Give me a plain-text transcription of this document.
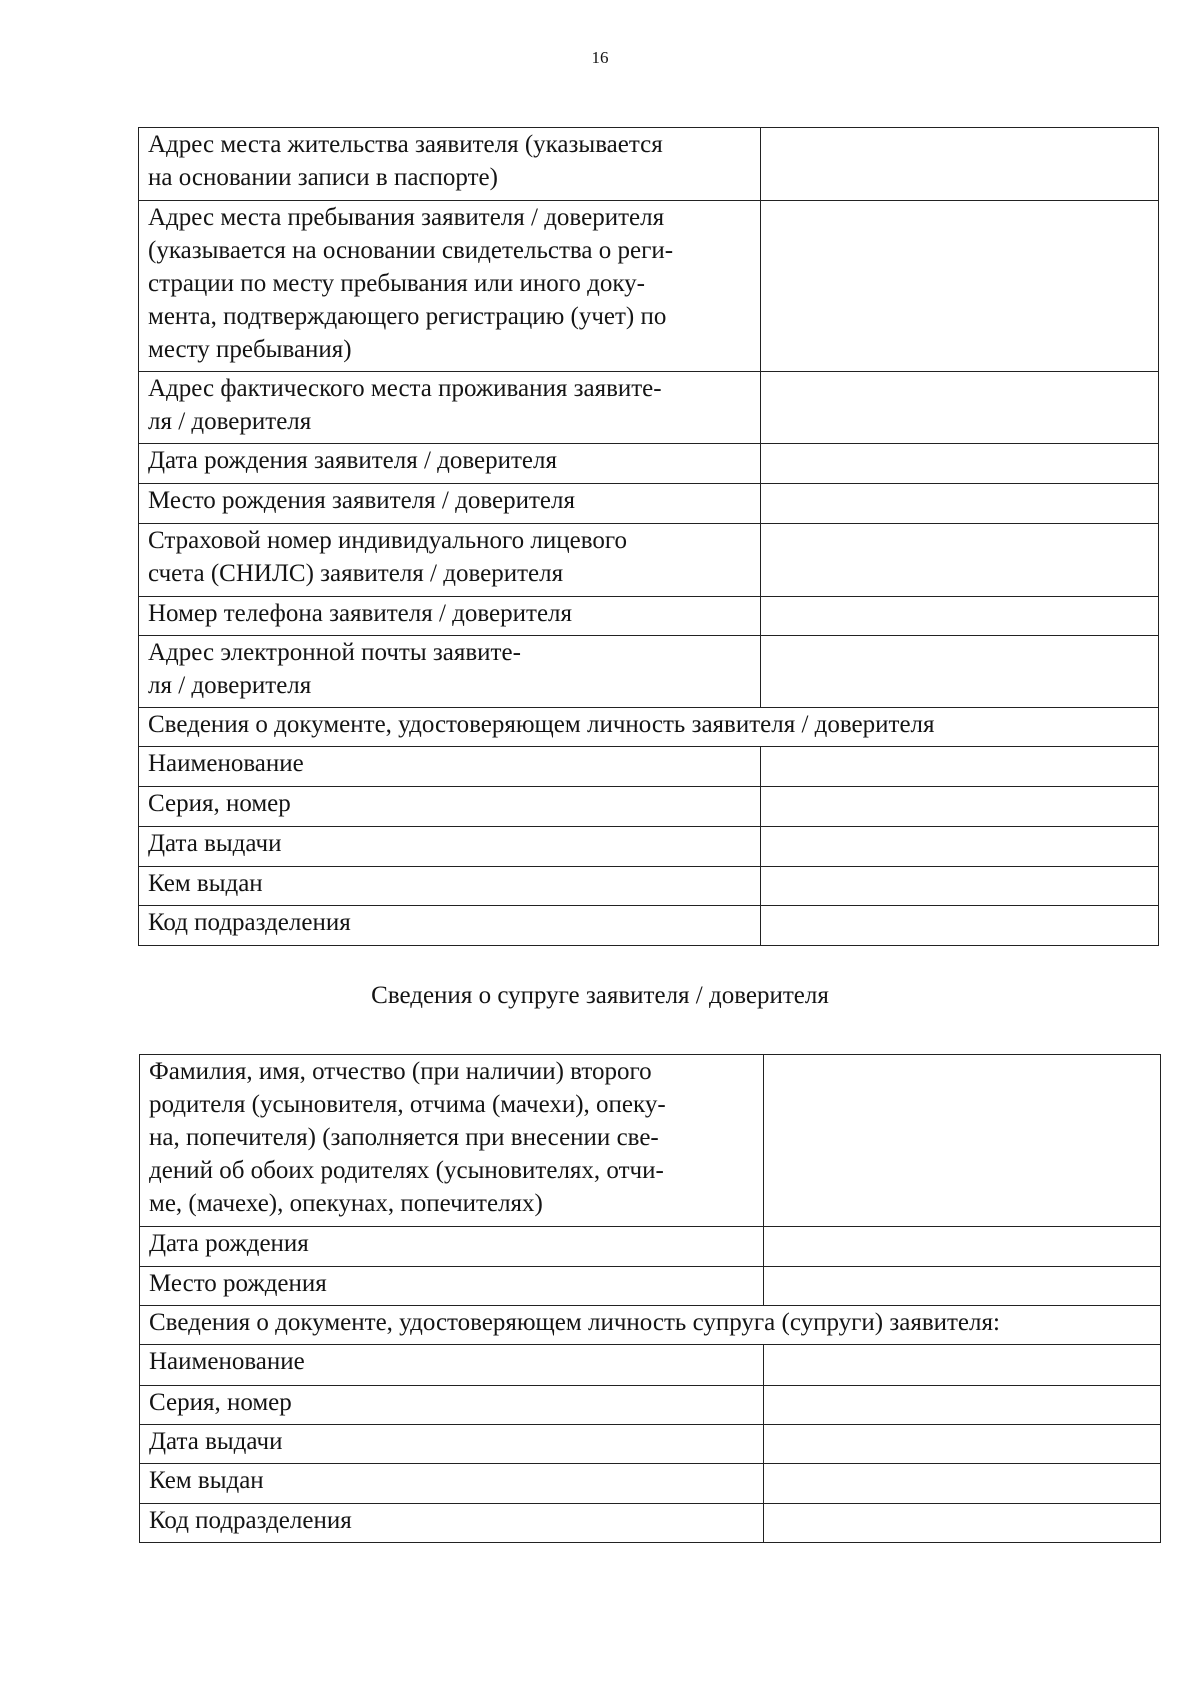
16
Адрес места жительства заявителя (указывается
на основании записи в паспорте)	

Адрес места пребывания заявителя / доверителя
(указывается на основании свидетельства о реги-
страции по месту пребывания или иного доку-
мента, подтверждающего регистрацию (учет) по
месту пребывания)	

Адрес фактического места проживания заявите-
ля / доверителя	

Дата рождения заявителя / доверителя	

Место рождения заявителя / доверителя	

Страховой номер индивидуального лицевого
счета (СНИЛС) заявителя / доверителя	

Номер телефона заявителя / доверителя	

Адрес электронной почты заявите-
ля / доверителя	

Сведения о документе, удостоверяющем личность заявителя / доверителя	
Наименование	
Серия, номер	
Дата выдачи	
Кем выдан	
Код подразделения	
Сведения о супруге заявителя / доверителя
Фамилия, имя, отчество (при наличии) второго
родителя (усыновителя, отчима (мачехи), опеку-
на, попечителя) (заполняется при внесении све-
дений об обоих родителях (усыновителях, отчи-
ме, (мачехе), опекунах, попечителях)	

Дата рождения	
Место рождения	
Сведения о документе, удостоверяющем личность супруга (супруги) заявителя:	
Наименование	
Серия, номер	
Дата выдачи	
Кем выдан	
Код подразделения	
